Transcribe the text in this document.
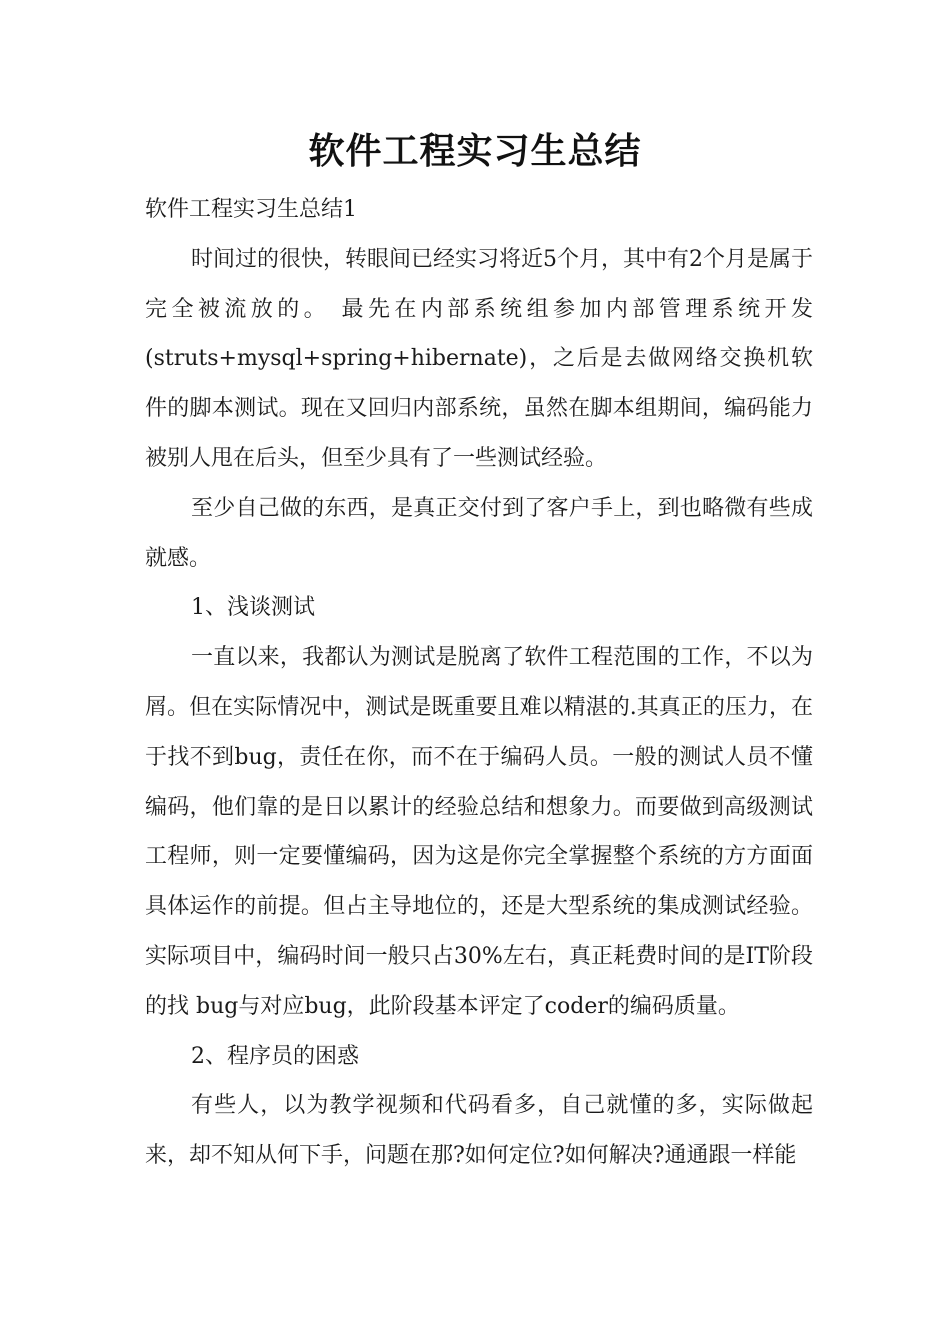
软件工程实习生总结

软件工程实习生总结1

时间过的很快，转眼间已经实习将近5个月，其中有2个月是属于完全被流放的。 最先在内部系统组参加内部管理系统开发(struts+mysql+spring+hibernate)，之后是去做网络交换机软件的脚本测试。现在又回归内部系统，虽然在脚本组期间，编码能力被别人甩在后头，但至少具有了一些测试经验。

至少自己做的东西，是真正交付到了客户手上，到也略微有些成就感。

1、浅谈测试

一直以来，我都认为测试是脱离了软件工程范围的工作，不以为屑。但在实际情况中，测试是既重要且难以精湛的.其真正的压力，在于找不到bug，责任在你，而不在于编码人员。一般的测试人员不懂编码，他们靠的是日以累计的经验总结和想象力。而要做到高级测试工程师，则一定要懂编码，因为这是你完全掌握整个系统的方方面面具体运作的前提。但占主导地位的，还是大型系统的集成测试经验。实际项目中，编码时间一般只占30%左右，真正耗费时间的是IT阶段的找 bug与对应bug，此阶段基本评定了coder的编码质量。

2、程序员的困惑

有些人，以为教学视频和代码看多，自己就懂的多，实际做起来，却不知从何下手，问题在那?如何定位?如何解决?通通跟一样能
